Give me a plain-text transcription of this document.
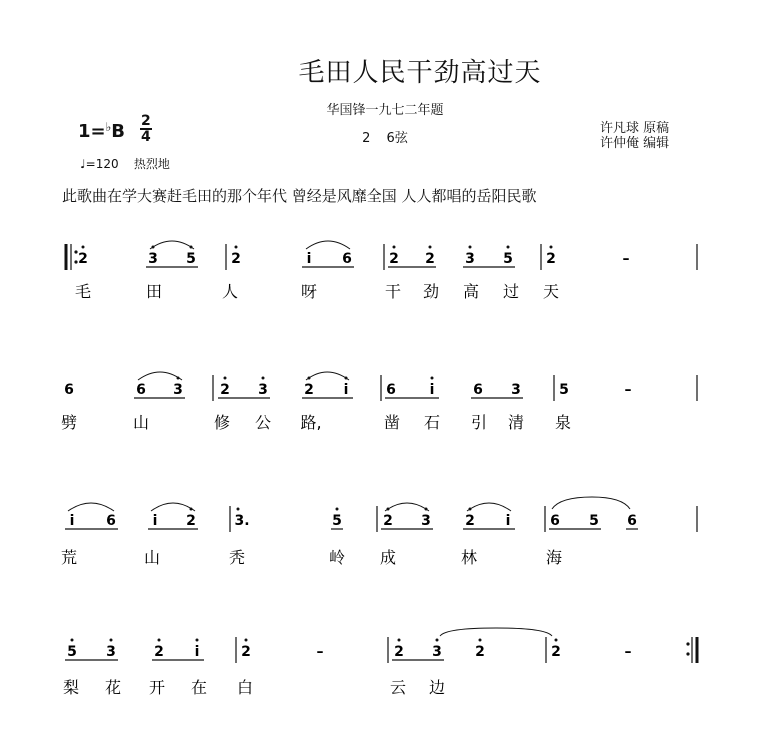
毛田人民干劲高过天
华国锋一九七二年题
2 6弦
许凡球 原稿
许仲俺 编辑
$1=^♭B \frac{2}{4}$
♩=120 热烈地
此歌曲在学大赛赶毛田的那个年代 曾经是风靡全国 人人都唱的岳阳民歌
2	3 5	2	i 6	2 2 3 5 2	–
毛	田	人	呀	干 劲 高 过 天
6	6 3	2 3	2 i	6 i	6 3	5	–
劈	山	修 公 路,	凿 石 引 清 泉
i 6	i 2	3.	5	2 3 2 i	6 5 6
荒	山	秃	岭 成	林	海
5 3	2 i	2	–	2 3 2	2	–
梨 花 开 在 白	云 边
